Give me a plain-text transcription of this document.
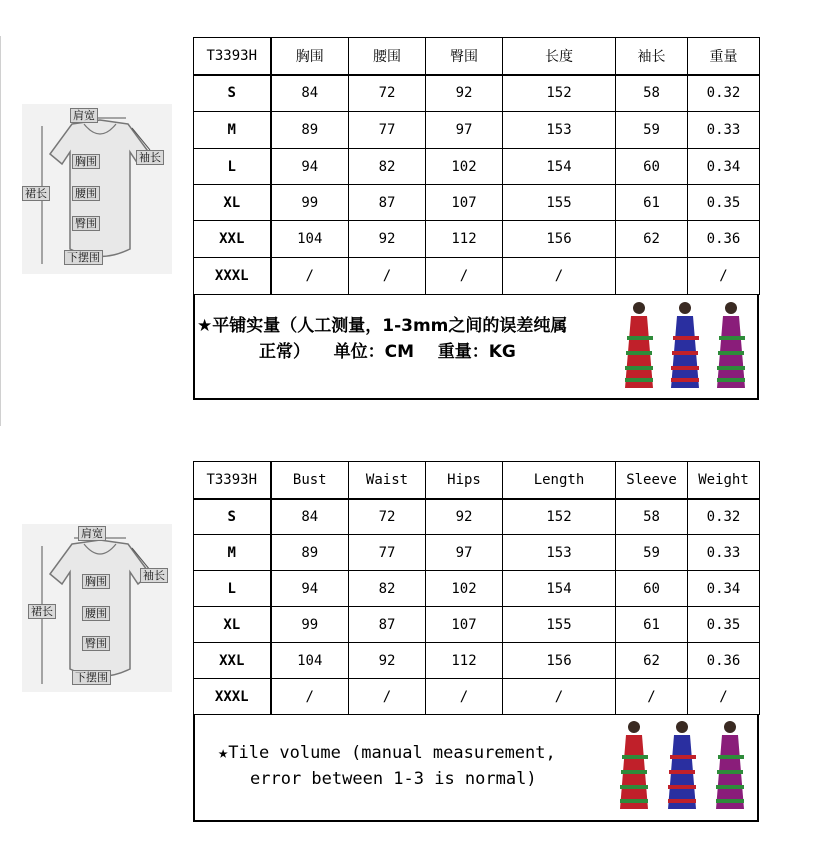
肩宽
袖长
胸围
裙长	腰围
臀围
下摆围
T3393H	胸围	腰围	臀围	长度	袖长	重量
S	84	72	92	152	58	0.32
M	89	77	97	153	59	0.33
L	94	82	102	154	60	0.34
XL	99	87	107	155	61	0.35
XXL	104	92	112	156	62	0.36
XXXL	/	/	/	/		/
★平铺实量（人工测量，1-3mm之间的误差纯属
正常）    单位：CM    重量：KG
肩宽
袖长
胸围
裙长	腰围
臀围
下摆围
T3393H	Bust	Waist	Hips	Length	Sleeve	Weight
S	84	72	92	152	58	0.32
M	89	77	97	153	59	0.33
L	94	82	102	154	60	0.34
XL	99	87	107	155	61	0.35
XXL	104	92	112	156	62	0.36
XXXL	/	/	/	/	/	/
★Tile volume (manual measurement,
error between 1-3 is normal)
